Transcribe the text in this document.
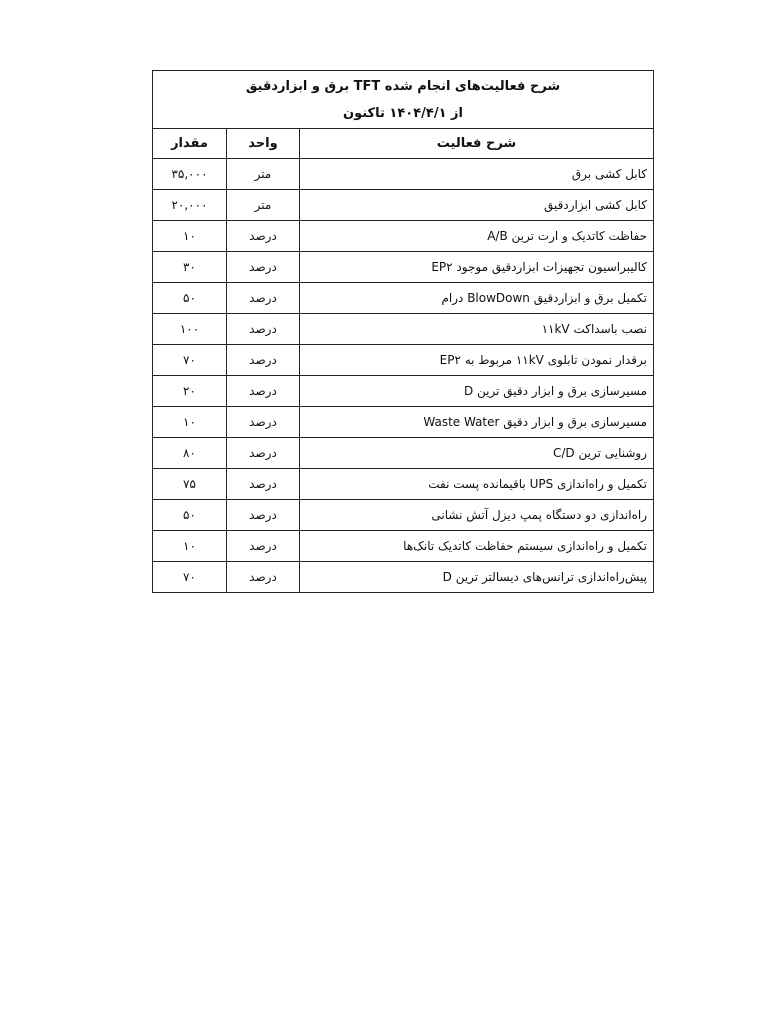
شرح فعالیت‌های انجام شده TFT برق و ابزاردقیق
از ۱۴۰۴/۴/۱ تاکنون		

شرح فعالیت	واحد	مقدار
کابل کشی برق	متر	۳۵,۰۰۰
کابل کشی ابزاردقیق	متر	۲۰,۰۰۰
حفاظت کاتدیک و ارت ترین A/B	درصد	۱۰
کالیبراسیون تجهیزات ابزاردقیق موجود EP۲	درصد	۳۰
تکمیل برق و ابزاردقیق BlowDown درام	درصد	۵۰
نصب باسداکت ۱۱kV	درصد	۱۰۰
برقدار نمودن تابلوی ۱۱kV مربوط به EP۲	درصد	۷۰
مسیرسازی برق و ابزار دقیق ترین D	درصد	۲۰
مسیرسازی برق و ابزار دقیق Waste Water	درصد	۱۰
روشنایی ترین C/D	درصد	۸۰
تکمیل و راه‌اندازی UPS باقیمانده پست نفت	درصد	۷۵
راه‌اندازی دو دستگاه پمپ دیزل آتش نشانی	درصد	۵۰
تکمیل و راه‌اندازی سیستم حفاظت کاتدیک تانک‌ها	درصد	۱۰
پیش‌راه‌اندازی ترانس‌های دیسالتر ترین D	درصد	۷۰
